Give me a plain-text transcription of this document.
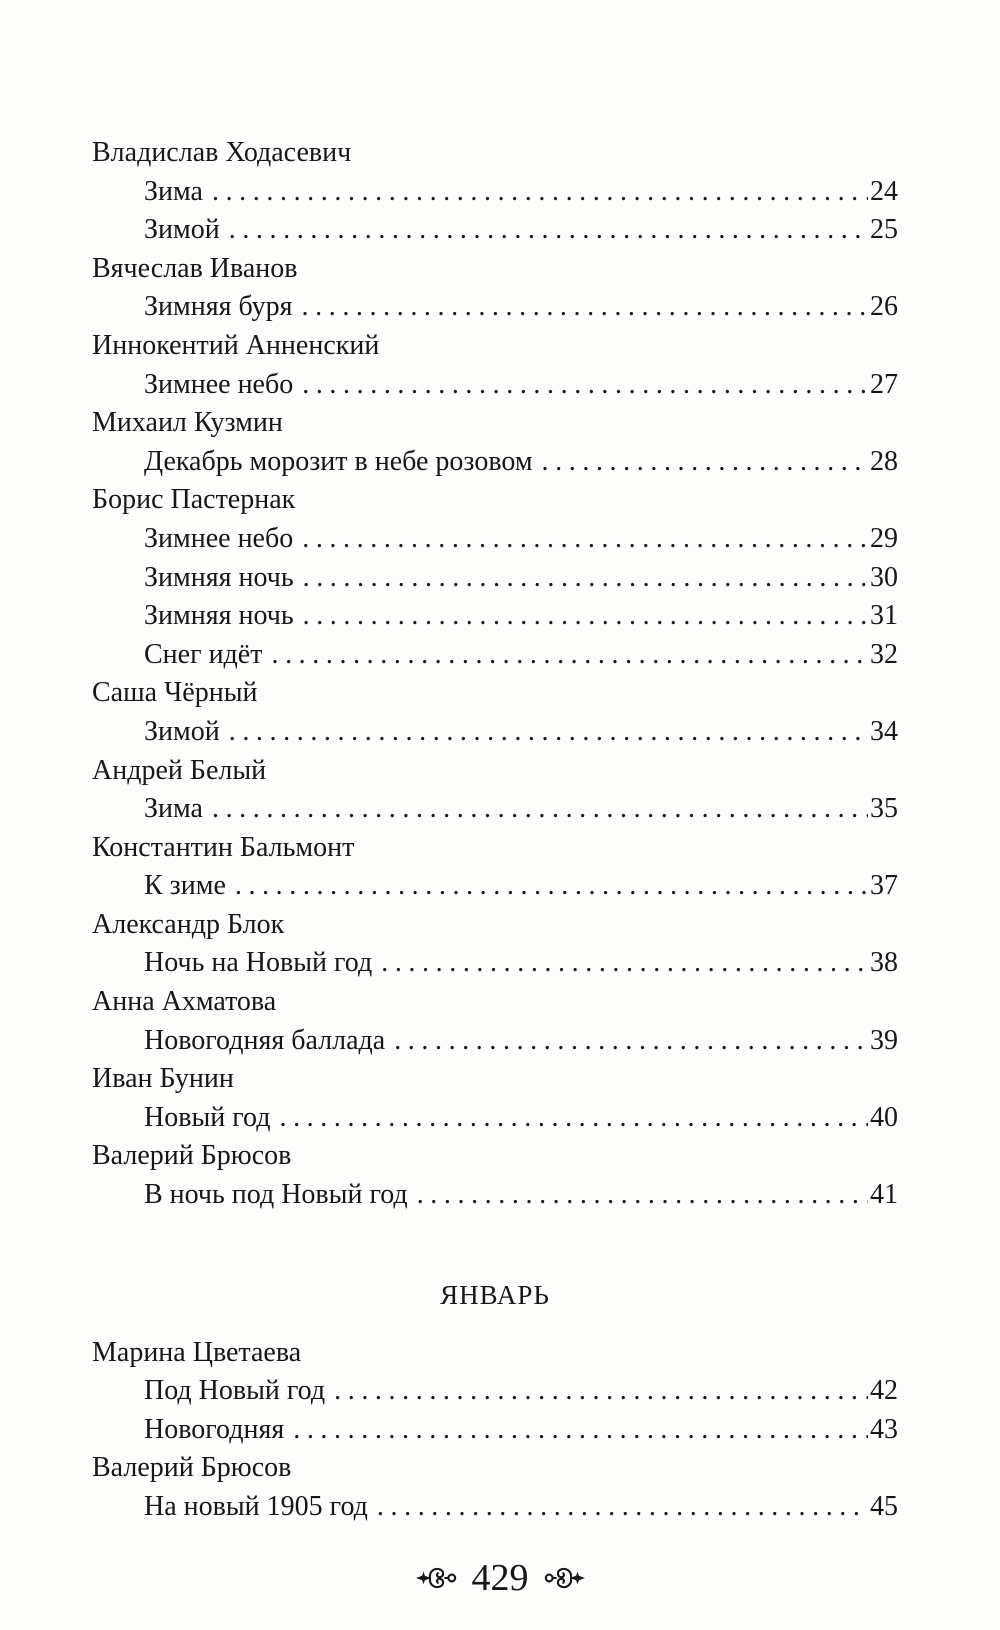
Владислав Ходасевич
Зима .....	24
Зимой .....	25
Вячеслав Иванов
Зимняя буря .....	26
Иннокентий Анненский
Зимнее небо .....	27
Михаил Кузмин
Декабрь морозит в небе розовом .....	28
Борис Пастернак
Зимнее небо .....	29
Зимняя ночь .....	30
Зимняя ночь .....	31
Снег идёт .....	32
Саша Чёрный
Зимой .....	34
Андрей Белый
Зима .....	35
Константин Бальмонт
К зиме .....	37
Александр Блок
Ночь на Новый год .....	38
Анна Ахматова
Новогодняя баллада .....	39
Иван Бунин
Новый год .....	40
Валерий Брюсов
В ночь под Новый год .....	41
ЯНВАРЬ
Марина Цветаева
Под Новый год .....	42
Новогодняя .....	43
Валерий Брюсов
На новый 1905 год .....	45
429
